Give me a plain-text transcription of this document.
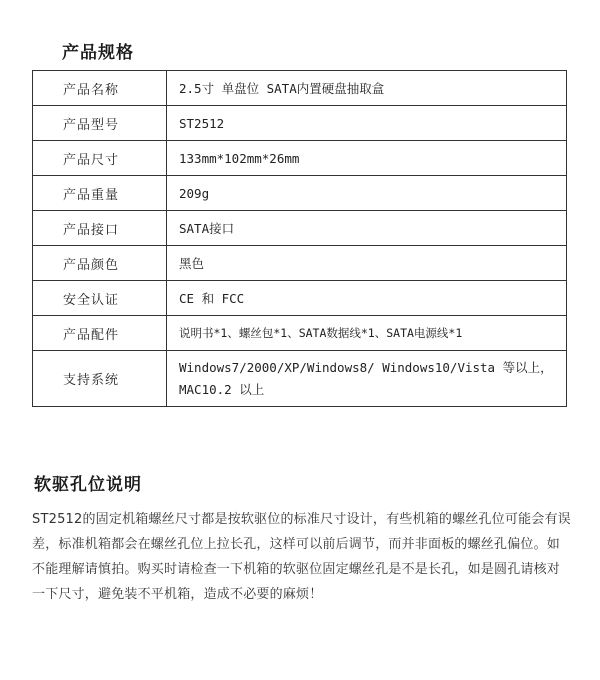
产品规格
产品名称	2.5寸 单盘位 SATA内置硬盘抽取盒
产品型号	ST2512
产品尺寸	133mm*102mm*26mm
产品重量	209g
产品接口	SATA接口
产品颜色	黑色
安全认证	CE 和 FCC
产品配件	说明书*1、螺丝包*1、SATA数据线*1、SATA电源线*1
支持系统	Windows7/2000/XP/Windows8/ Windows10/Vista 等以上，MAC10.2 以上
软驱孔位说明
ST2512的固定机箱螺丝尺寸都是按软驱位的标准尺寸设计，有些机箱的螺丝孔位可能会有误差，标准机箱都会在螺丝孔位上拉长孔，这样可以前后调节，而并非面板的螺丝孔偏位。如不能理解请慎拍。购买时请检查一下机箱的软驱位固定螺丝孔是不是长孔，如是圆孔请核对一下尺寸，避免装不平机箱，造成不必要的麻烦！
